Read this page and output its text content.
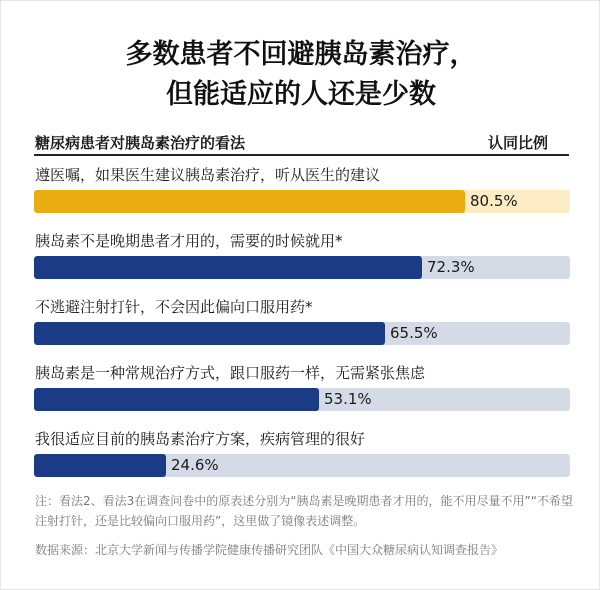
多数患者不回避胰岛素治疗，
但能适应的人还是少数
糖尿病患者对胰岛素治疗的看法	认同比例
遵医嘱，如果医生建议胰岛素治疗，听从医生的建议
80.5%
胰岛素不是晚期患者才用的，需要的时候就用*
72.3%
不逃避注射打针，不会因此偏向口服用药*
65.5%
胰岛素是一种常规治疗方式，跟口服药一样，无需紧张焦虑
53.1%
我很适应目前的胰岛素治疗方案，疾病管理的很好
24.6%
注：看法2、看法3在调查问卷中的原表述分别为“胰岛素是晚期患者才用的，能不用尽量不用”“不希望注射打针，还是比较偏向口服用药”，这里做了镜像表述调整。
数据来源：北京大学新闻与传播学院健康传播研究团队《中国大众糖尿病认知调查报告》
